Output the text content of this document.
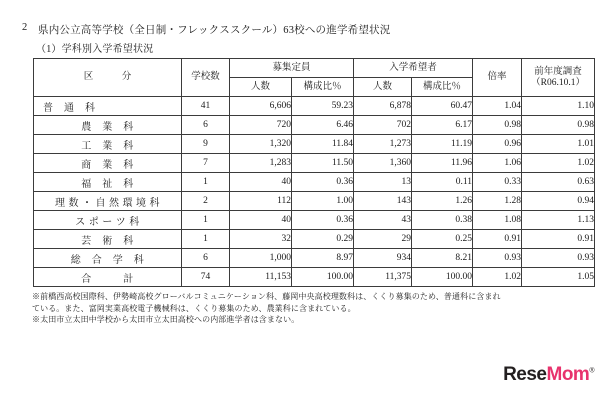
2	県内公立高等学校（全日制・フレックススクール）63校への進学希望状況
（1）学科別入学希望状況
区　　　分	学校数	募集定員		入学希望者		倍率	前年度調査
（R06.10.1）

		人数	構成比％	人数	構成比％		

普　通　科	41	6,606	59.23	6,878	60.47	1.04	1.10
農　業　科	6	720	6.46	702	6.17	0.98	0.98
工　業　科	9	1,320	11.84	1,273	11.19	0.96	1.01
商　業　科	7	1,283	11.50	1,360	11.96	1.06	1.02
福　祉　科	1	40	0.36	13	0.11	0.33	0.63
理 数 ・ 自 然 環 境 科	2	112	1.00	143	1.26	1.28	0.94
ス ポ ー ツ 科	1	40	0.36	43	0.38	1.08	1.13
芸　術　科	1	32	0.29	29	0.25	0.91	0.91
総　合　学　科	6	1,000	8.97	934	8.21	0.93	0.93
合　　　計	74	11,153	100.00	11,375	100.00	1.02	1.05
※前橋西高校国際科、伊勢崎高校グローバルコミュニケーション科、藤岡中央高校理数科は、くくり募集のため、普通科に含まれ
ている。また、富岡実業高校電子機械科は、くくり募集のため、農業科に含まれている。
※太田市立太田中学校から太田市立太田高校への内部進学者は含まない。
ReseMom®
